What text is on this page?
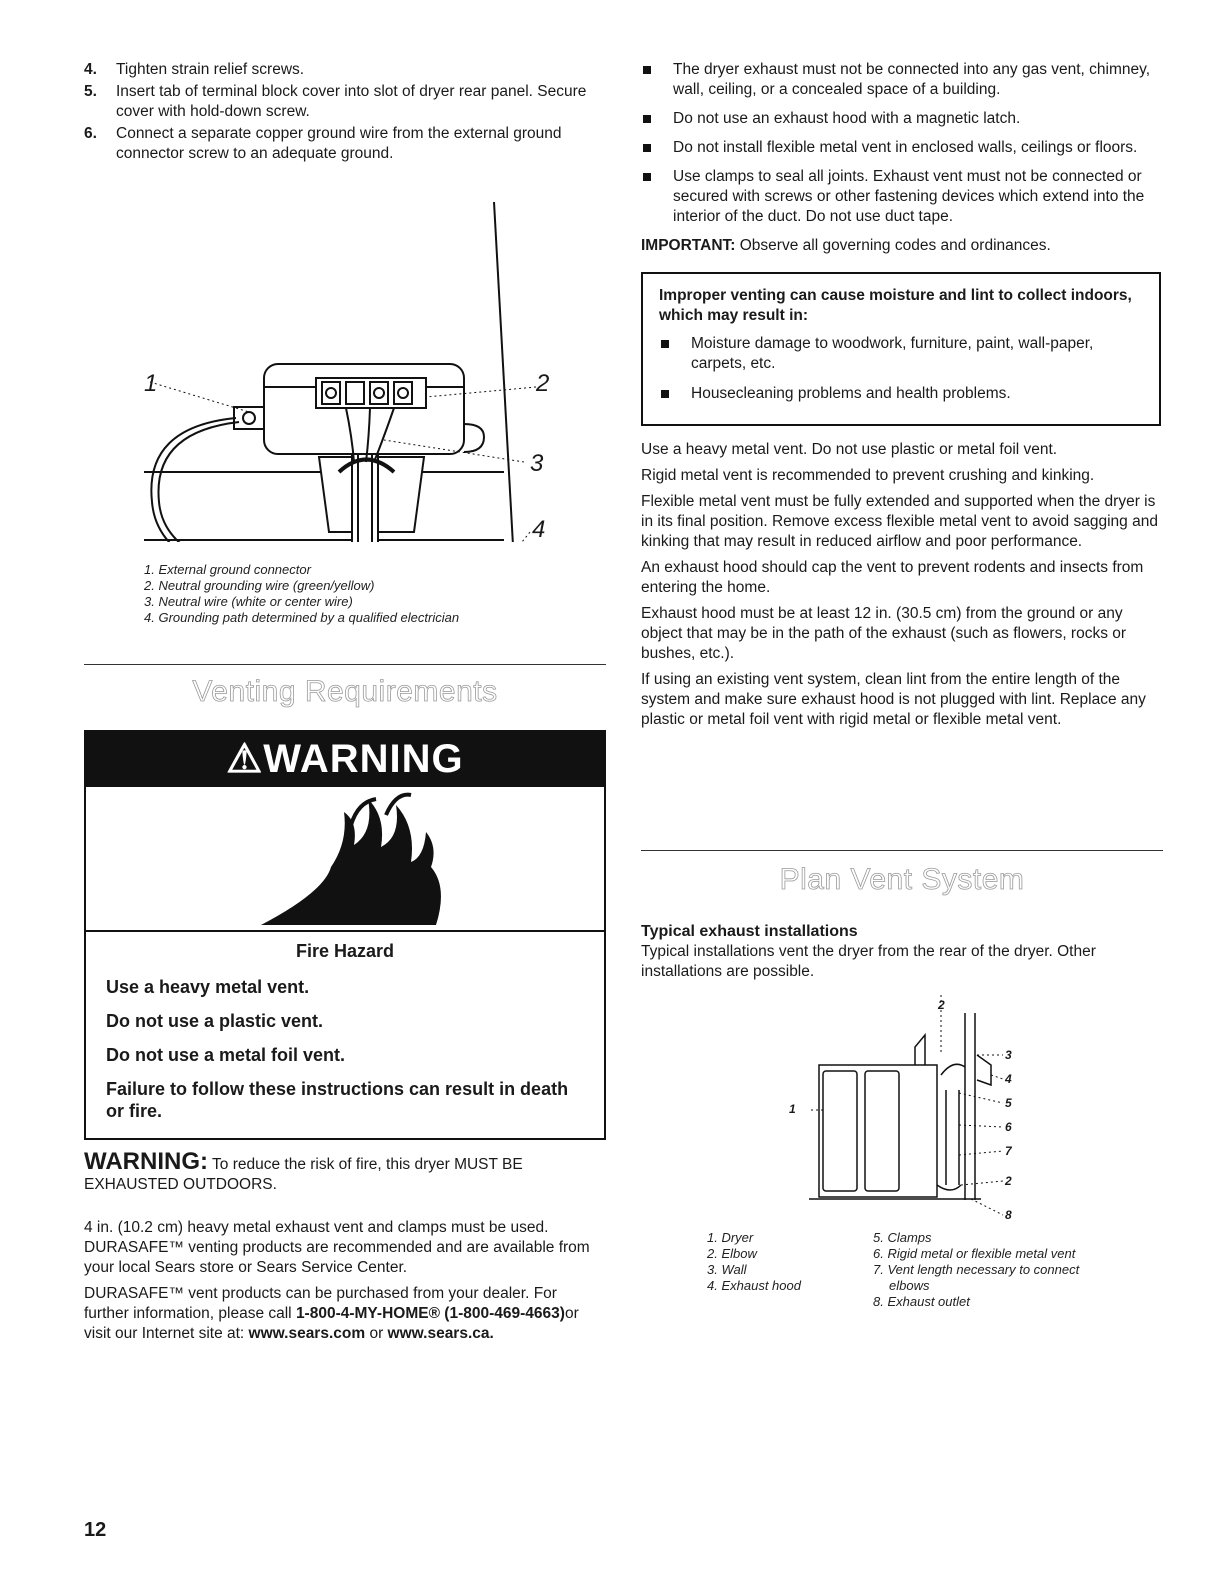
4. Tighten strain relief screws.
5. Insert tab of terminal block cover into slot of dryer rear panel. Secure cover with hold-down screw.
6. Connect a separate copper ground wire from the external ground connector screw to an adequate ground.
1	2
3
4
1. External ground connector
2. Neutral grounding wire (green/yellow)
3. Neutral wire (white or center wire)
4. Grounding path determined by a qualified electrician
Venting Requirements
⚠WARNING

Fire Hazard

Use a heavy metal vent.

Do not use a plastic vent.

Do not use a metal foil vent.

Failure to follow these instructions can result in death or fire.

WARNING: To reduce the risk of fire, this dryer MUST BE EXHAUSTED OUTDOORS.

4 in. (10.2 cm) heavy metal exhaust vent and clamps must be used. DURASAFE™ venting products are recommended and are available from your local Sears store or Sears Service Center.

DURASAFE™ vent products can be purchased from your dealer. For further information, please call 1-800-4-MY-HOME® (1-800-469-4663)or visit our Internet site at: www.sears.com or www.sears.ca.

The dryer exhaust must not be connected into any gas vent, chimney, wall, ceiling, or a concealed space of a building.
Do not use an exhaust hood with a magnetic latch.
Do not install flexible metal vent in enclosed walls, ceilings or floors.
Use clamps to seal all joints. Exhaust vent must not be connected or secured with screws or other fastening devices which extend into the interior of the duct. Do not use duct tape.

IMPORTANT: Observe all governing codes and ordinances.

Improper venting can cause moisture and lint to collect indoors, which may result in:
Moisture damage to woodwork, furniture, paint, wall-paper, carpets, etc.
Housecleaning problems and health problems.

Use a heavy metal vent. Do not use plastic or metal foil vent.

Rigid metal vent is recommended to prevent crushing and kinking.

Flexible metal vent must be fully extended and supported when the dryer is in its final position. Remove excess flexible metal vent to avoid sagging and kinking that may result in reduced airflow and poor performance.

An exhaust hood should cap the vent to prevent rodents and insects from entering the home.

Exhaust hood must be at least 12 in. (30.5 cm) from the ground or any object that may be in the path of the exhaust (such as flowers, rocks or bushes, etc.).

If using an existing vent system, clean lint from the entire length of the system and make sure exhaust hood is not plugged with lint. Replace any plastic or metal foil vent with rigid metal or flexible metal vent.

Plan Vent System
Typical exhaust installations
Typical installations vent the dryer from the rear of the dryer. Other installations are possible.
2
3
4
1	5
6
7
2
8
1. Dryer
2. Elbow
3. Wall
4. Exhaust hood
5. Clamps
6. Rigid metal or flexible metal vent
7. Vent length necessary to connect
elbows
8. Exhaust outlet
12
